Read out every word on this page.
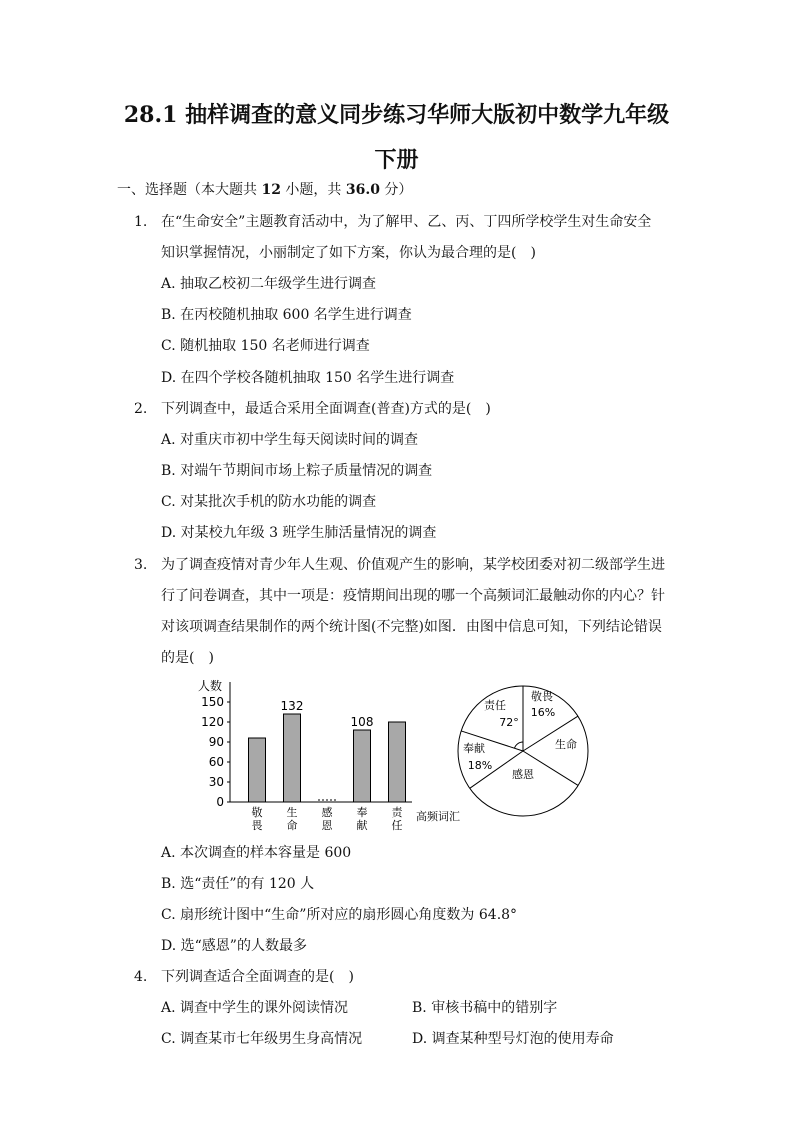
28.1 抽样调查的意义同步练习华师大版初中数学九年级
下册
一、选择题（本大题共 12 小题，共 36.0 分）
1. 在“生命安全”主题教育活动中，为了解甲、乙、丙、丁四所学校学生对生命安全
知识掌握情况，小丽制定了如下方案，你认为最合理的是(　)
A. 抽取乙校初二年级学生进行调查
B. 在丙校随机抽取 600 名学生进行调查
C. 随机抽取 150 名老师进行调查
D. 在四个学校各随机抽取 150 名学生进行调查
2. 下列调查中，最适合采用全面调查(普查)方式的是(　)
A. 对重庆市初中学生每天阅读时间的调查
B. 对端午节期间市场上粽子质量情况的调查
C. 对某批次手机的防水功能的调查
D. 对某校九年级 3 班学生肺活量情况的调查
3. 为了调查疫情对青少年人生观、价值观产生的影响，某学校团委对初二级部学生进
行了问卷调查，其中一项是：疫情期间出现的哪一个高频词汇最触动你的内心？针
对该项调查结果制作的两个统计图(不完整)如图．由图中信息可知，下列结论错误
的是(　)
人数
0
30
60
90
120
150
敬
畏
132
生
命
感
恩
108
奉
献
责
任
高频词汇
敬畏
16%
生命
感恩
奉献
18%
责任
72°
A. 本次调查的样本容量是 600
B. 选“责任”的有 120 人
C. 扇形统计图中“生命”所对应的扇形圆心角度数为 64.8°
D. 选“感恩”的人数最多
4. 下列调查适合全面调查的是(　)
A. 调查中学生的课外阅读情况	B. 审核书稿中的错别字
C. 调查某市七年级男生身高情况	D. 调查某种型号灯泡的使用寿命
